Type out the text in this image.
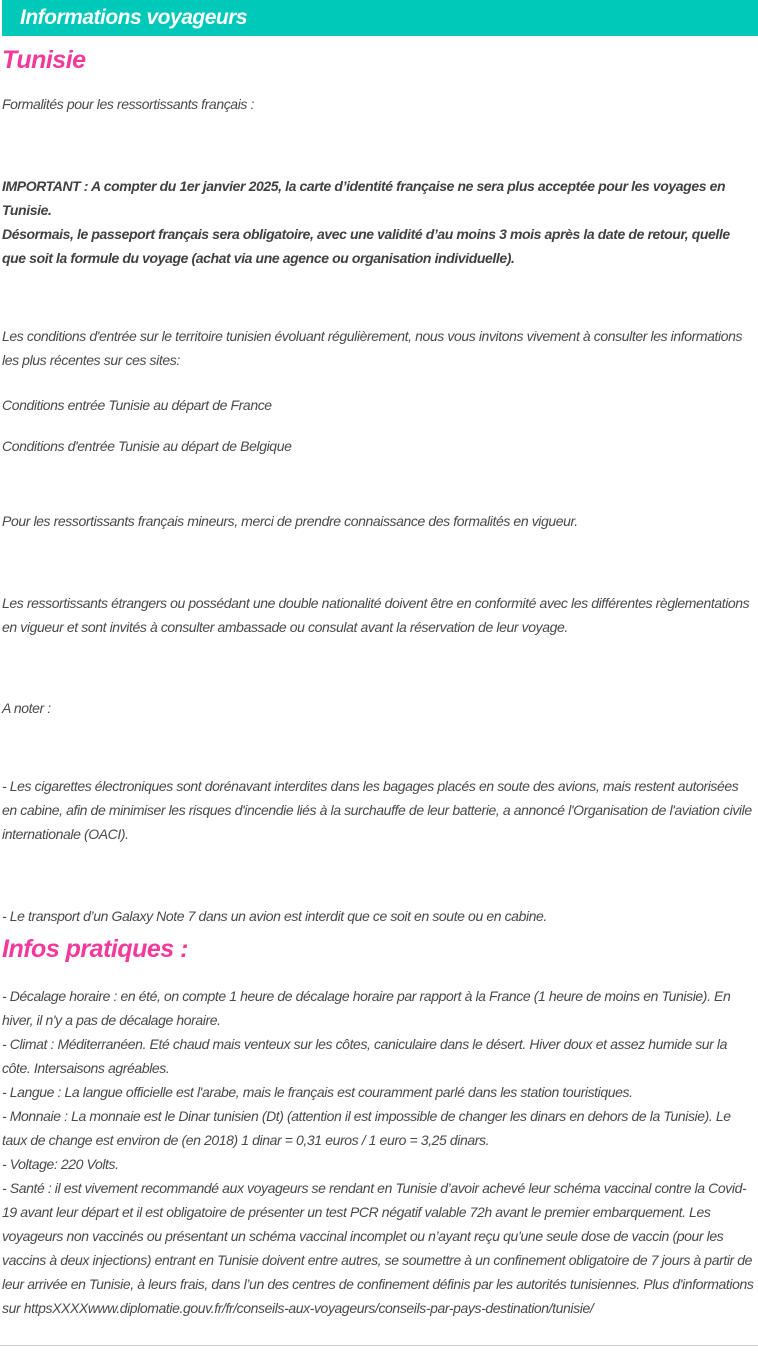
Informations voyageurs
Tunisie

Formalités pour les ressortissants français :

IMPORTANT : A compter du 1er janvier 2025, la carte d’identité française ne sera plus acceptée pour les voyages en Tunisie.
Désormais, le passeport français sera obligatoire, avec une validité d’au moins 3 mois après la date de retour, quelle que soit la formule du voyage (achat via une agence ou organisation individuelle).

Les conditions d'entrée sur le territoire tunisien évoluant régulièrement, nous vous invitons vivement à consulter les informations les plus récentes sur ces sites:

Conditions entrée Tunisie au départ de France

Conditions d'entrée Tunisie au départ de Belgique

Pour les ressortissants français mineurs, merci de prendre connaissance des formalités en vigueur.

Les ressortissants étrangers ou possédant une double nationalité doivent être en conformité avec les différentes règlementations en vigueur et sont invités à consulter ambassade ou consulat avant la réservation de leur voyage.

A noter :

- Les cigarettes électroniques sont dorénavant interdites dans les bagages placés en soute des avions, mais restent autorisées en cabine, afin de minimiser les risques d'incendie liés à la surchauffe de leur batterie, a annoncé l'Organisation de l'aviation civile internationale (OACI).

- Le transport d’un Galaxy Note 7 dans un avion est interdit que ce soit en soute ou en cabine.

Infos pratiques :

- Décalage horaire : en été, on compte 1 heure de décalage horaire par rapport à la France (1 heure de moins en Tunisie). En hiver, il n'y a pas de décalage horaire.
- Climat : Méditerranéen. Eté chaud mais venteux sur les côtes, caniculaire dans le désert. Hiver doux et assez humide sur la côte. Intersaisons agréables.
- Langue : La langue officielle est l'arabe, mais le français est couramment parlé dans les station touristiques.
- Monnaie : La monnaie est le Dinar tunisien (Dt) (attention il est impossible de changer les dinars en dehors de la Tunisie). Le taux de change est environ de (en 2018) 1 dinar = 0,31 euros / 1 euro = 3,25 dinars.
- Voltage: 220 Volts.
- Santé : il est vivement recommandé aux voyageurs se rendant en Tunisie d’avoir achevé leur schéma vaccinal contre la Covid-19 avant leur départ et il est obligatoire de présenter un test PCR négatif valable 72h avant le premier embarquement. Les voyageurs non vaccinés ou présentant un schéma vaccinal incomplet ou n’ayant reçu qu’une seule dose de vaccin (pour les vaccins à deux injections) entrant en Tunisie doivent entre autres, se soumettre à un confinement obligatoire de 7 jours à partir de leur arrivée en Tunisie, à leurs frais, dans l’un des centres de confinement définis par les autorités tunisiennes. Plus d'informations sur httpsXXXXwww.diplomatie.gouv.fr/fr/conseils-aux-voyageurs/conseils-par-pays-destination/tunisie/
